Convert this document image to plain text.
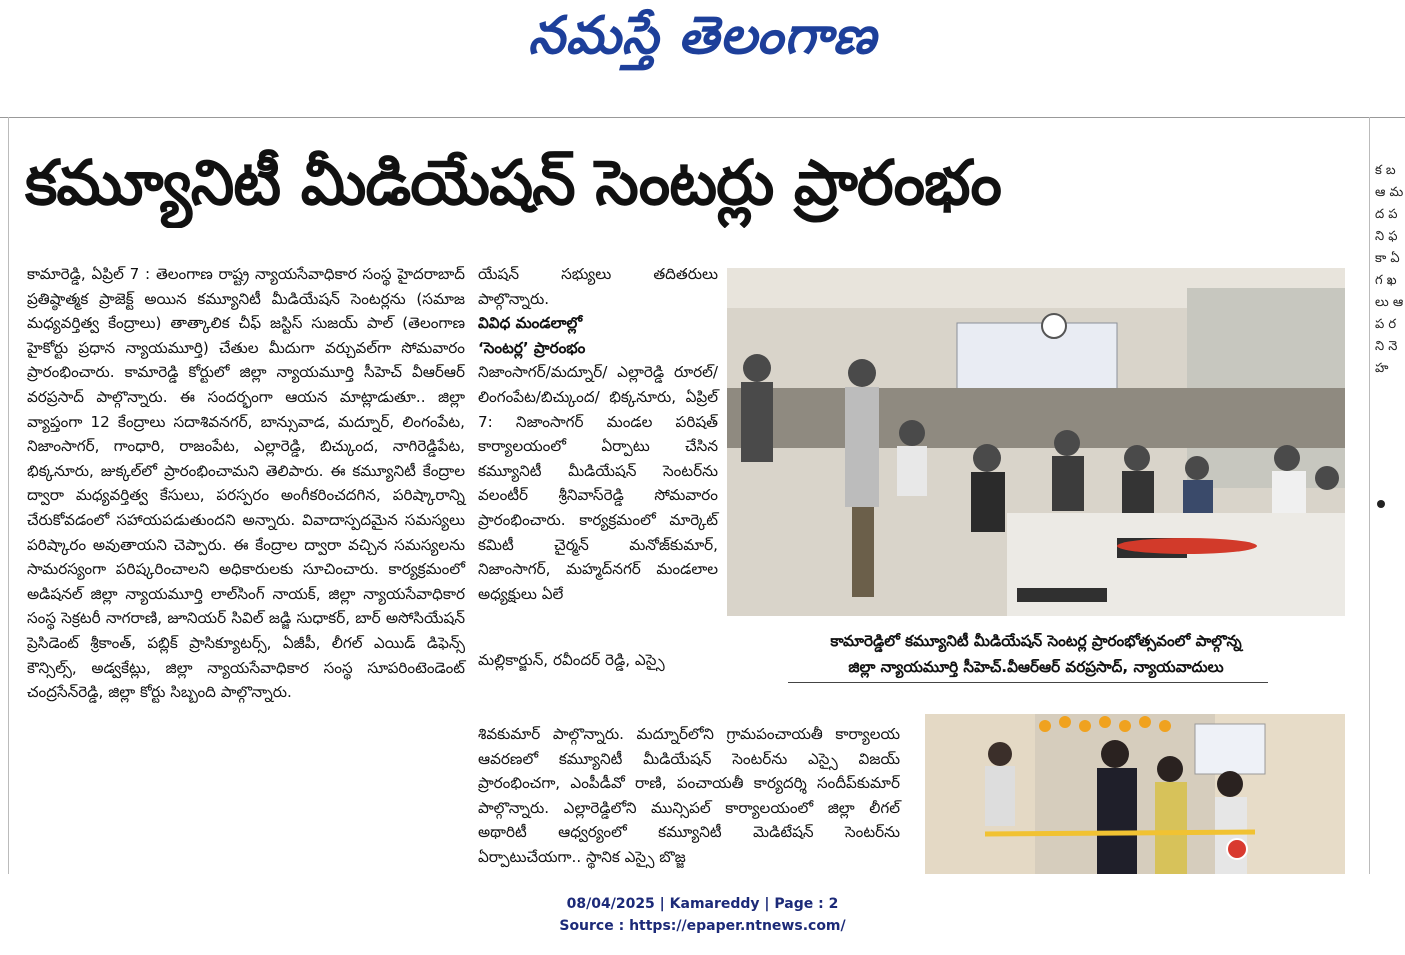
నమస్తే తెలంగాణ
కమ్యూనిటీ మీడియేషన్ సెంటర్లు ప్రారంభం
కామారెడ్డి, ఏప్రిల్ 7 : తెలంగాణ రాష్ట్ర న్యాయసేవాధికార సంస్థ హైదరాబాద్ ప్రతిష్ఠాత్మక ప్రాజెక్ట్ అయిన కమ్యూనిటీ మీడియేషన్ సెంటర్లను (సమాజ మధ్యవర్తిత్వ కేంద్రాలు) తాత్కాలిక చీఫ్ జస్టిస్ సుజయ్ పాల్ (తెలంగాణ హైకోర్టు ప్రధాన న్యాయమూర్తి) చేతుల మీదుగా వర్చువల్‌గా సోమవారం ప్రారంభించారు. కామారెడ్డి కోర్టులో జిల్లా న్యాయమూర్తి సీహెచ్ వీఆర్ఆర్ వరప్రసాద్ పాల్గొన్నారు. ఈ సందర్భంగా ఆయన మాట్లాడుతూ.. జిల్లా వ్యాప్తంగా 12 కేంద్రాలు సదాశివనగర్, బాన్సువాడ, మద్నూర్, లింగంపేట, నిజాంసాగర్, గాంధారి, రాజంపేట, ఎల్లారెడ్డి, బిచ్కుంద, నాగిరెడ్డిపేట, భిక్కనూరు, జుక్కల్‌లో ప్రారంభించామని తెలిపారు. ఈ కమ్యూనిటీ కేంద్రాల ద్వారా మధ్యవర్తిత్వ కేసులు, పరస్పరం అంగీకరించదగిన, పరిష్కారాన్ని చేరుకోవడంలో సహాయపడుతుందని అన్నారు. వివాదాస్పదమైన సమస్యలు పరిష్కారం అవుతాయని చెప్పారు. ఈ కేంద్రాల ద్వారా వచ్చిన సమస్యలను సామరస్యంగా పరిష్కరించాలని అధికారులకు సూచించారు. కార్యక్రమంలో అడిషనల్ జిల్లా న్యాయమూర్తి లాల్‌సింగ్ నాయక్, జిల్లా న్యాయసేవాధికార సంస్థ సెక్రటరీ నాగరాణి, జూనియర్ సివిల్ జడ్జి సుధాకర్, బార్ అసోసియేషన్ ప్రెసిడెంట్ శ్రీకాంత్, పబ్లిక్ ప్రాసిక్యూటర్స్, ఏజీపీ, లీగల్ ఎయిడ్ డిఫెన్స్ కౌన్సిల్స్, అడ్వకేట్లు, జిల్లా న్యాయసేవాధికార సంస్థ సూపరింటెండెంట్ చంద్రసేన్‌రెడ్డి, జిల్లా కోర్టు సిబ్బంది పాల్గొన్నారు.
యేషన్ సభ్యులు తదితరులు పాల్గొన్నారు.
వివిధ మండలాల్లో
‘సెంటర్ల’ ప్రారంభం
నిజాంసాగర్/మద్నూర్/ ఎల్లారెడ్డి రూరల్/లింగంపేట/బిచ్కుంద/ భిక్కనూరు, ఏప్రిల్ 7: నిజాంసాగర్ మండల పరిషత్ కార్యాలయంలో ఏర్పాటు చేసిన కమ్యూనిటీ మీడియేషన్ సెంటర్‌ను వలంటీర్ శ్రీనివాస్‌రెడ్డి సోమవారం ప్రారంభించారు. కార్యక్రమంలో మార్కెట్ కమిటీ చైర్మన్ మనోజ్‌కుమార్, నిజాంసాగర్, మహ్మద్‌నగర్ మండలాల అధ్యక్షులు ఏలే
మల్లికార్జున్, రవీందర్ రెడ్డి, ఎస్సై
శివకుమార్ పాల్గొన్నారు. మద్నూర్‌లోని గ్రామపంచాయతీ కార్యాలయ ఆవరణలో కమ్యూనిటీ మీడియేషన్ సెంటర్‌ను ఎస్సై విజయ్ ప్రారంభించగా, ఎంపీడీవో రాణి, పంచాయతీ కార్యదర్శి సందీప్‌కుమార్ పాల్గొన్నారు. ఎల్లారెడ్డిలోని మున్సిపల్ కార్యాలయంలో జిల్లా లీగల్ అథారిటీ ఆధ్వర్యంలో కమ్యూనిటీ మెడిటేషన్ సెంటర్‌ను ఏర్పాటుచేయగా.. స్థానిక ఎస్సై బొజ్జ
కామారెడ్డిలో కమ్యూనిటీ మీడియేషన్ సెంటర్ల ప్రారంభోత్సవంలో పాల్గొన్న
జిల్లా న్యాయమూర్తి సీహెచ్.వీఆర్ఆర్ వరప్రసాద్, న్యాయవాదులు
క బ ఆ మ ద ప ని ఫ కా ఏ గ ఖ లు ఆ ప ర ని నె హ
08/04/2025 | Kamareddy | Page : 2
Source : https://epaper.ntnews.com/
